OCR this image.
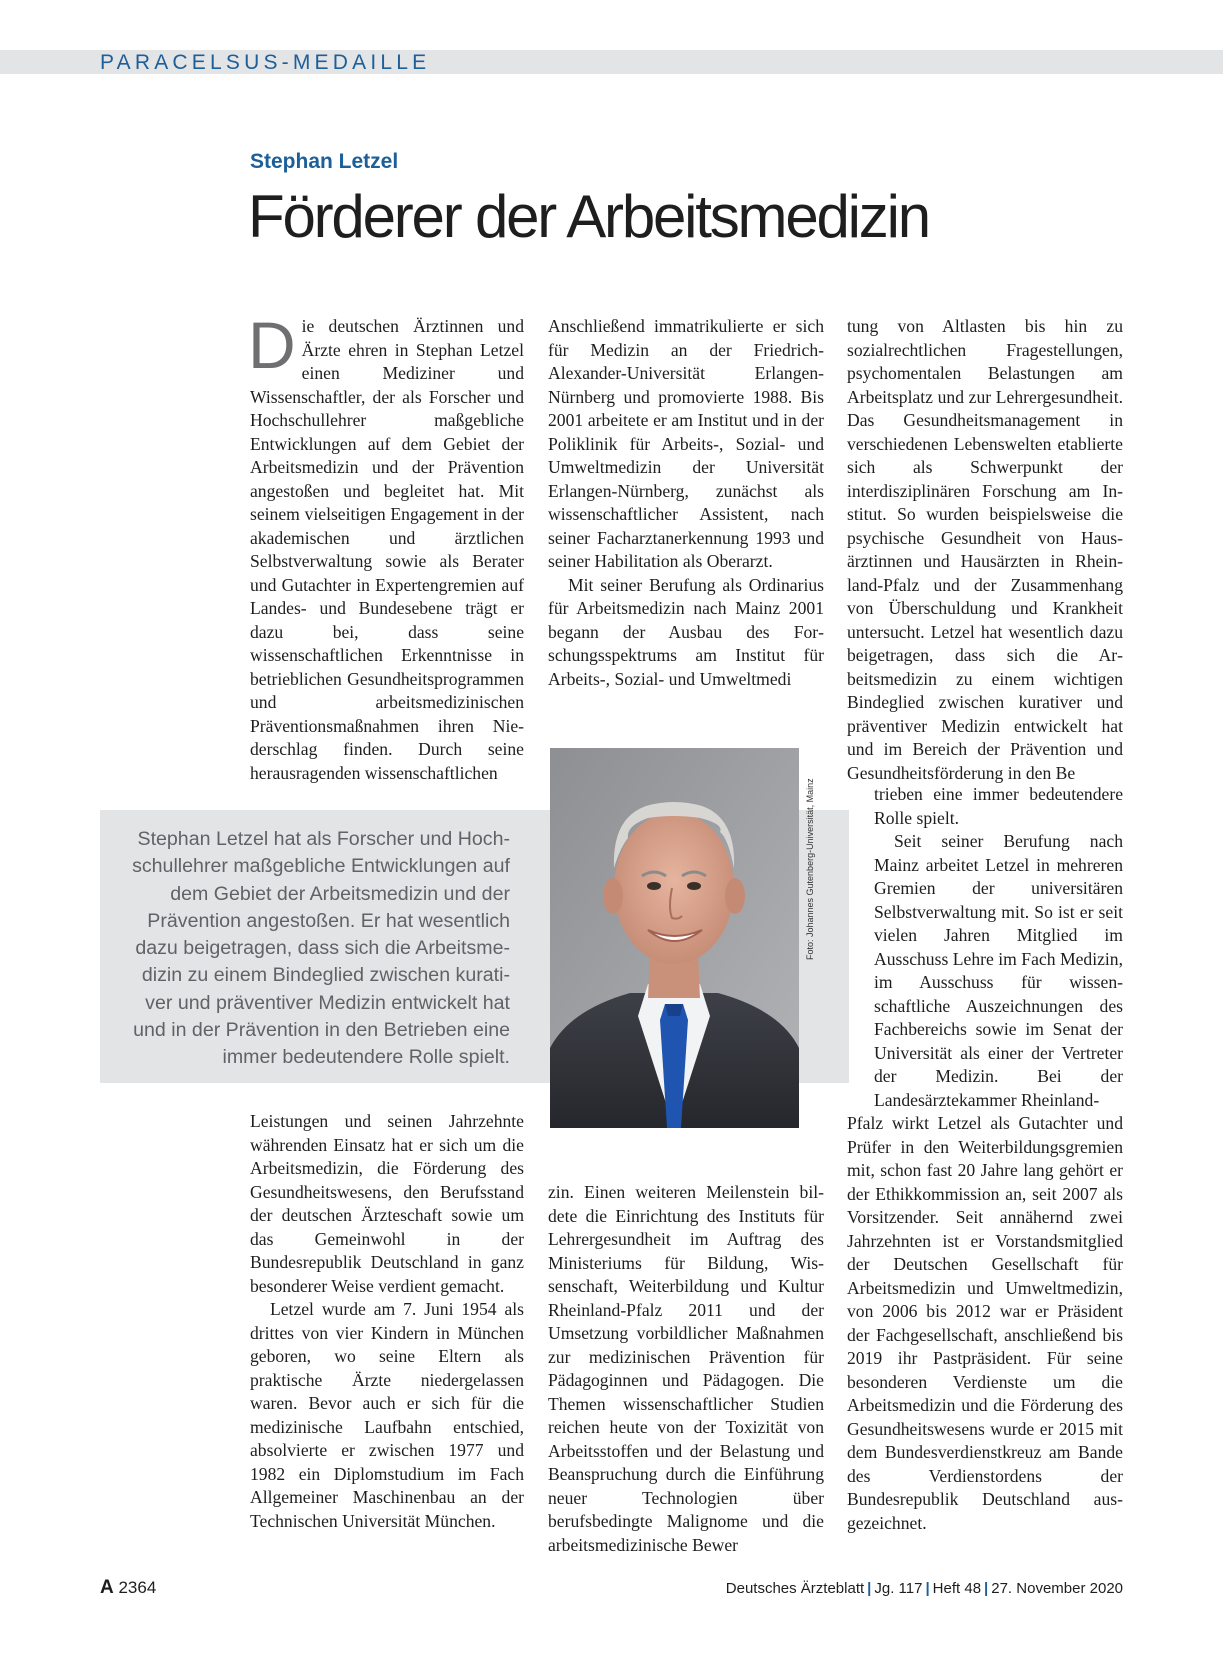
PARACELSUS-MEDAILLE
Stephan Letzel
Förderer der Arbeitsmedizin

Die deutschen Ärztinnen und Ärzte ehren in Stephan Letzel einen Mediziner und Wissenschaftler, der als Forscher und Hochschullehrer maßgebliche Entwicklungen auf dem Gebiet der Arbeitsmedizin und der Prävention angestoßen und begleitet hat. Mit seinem vielseitigen Engagement in der akademischen und ärztlichen Selbstverwaltung sowie als Berater und Gutachter in Expertengremien auf Landes- und Bundesebene trägt er dazu bei, dass seine wissenschaftlichen Erkenntnisse in betrieblichen Gesundheitsprogrammen und arbeitsmedizinischen Präventionsmaßnahmen ihren Niederschlag finden. Durch seine herausragenden wissenschaftlichen

Leistungen und seinen Jahrzehnte währenden Einsatz hat er sich um die Arbeitsmedizin, die Förderung des Gesundheitswesens, den Berufsstand der deutschen Ärzteschaft sowie um das Gemeinwohl in der Bundesrepublik Deutschland in ganz besonderer Weise verdient gemacht.

Letzel wurde am 7. Juni 1954 als drittes von vier Kindern in München geboren, wo seine Eltern als praktische Ärzte niedergelassen waren. Bevor auch er sich für die medizinische Laufbahn entschied, absolvierte er zwischen 1977 und 1982 ein Diplomstudium im Fach Allgemeiner Maschinenbau an der Technischen Universität München.

Anschließend immatrikulierte er sich für Medizin an der Friedrich-Alexander-Universität Erlangen-Nürnberg und promovierte 1988. Bis 2001 arbeitete er am Institut und in der Poliklinik für Arbeits-, Sozial- und Umweltmedizin der Universität Erlangen-Nürnberg, zunächst als wissenschaftlicher Assistent, nach seiner Facharztanerkennung 1993 und seiner Habilitation als Oberarzt.

Mit seiner Berufung als Ordinarius für Arbeitsmedizin nach Mainz 2001 begann der Ausbau des Forschungsspektrums am Institut für Arbeits-, Sozial- und Umweltmedi

zin. Einen weiteren Meilenstein bildete die Einrichtung des Instituts für Lehrergesundheit im Auftrag des Ministeriums für Bildung, Wissenschaft, Weiterbildung und Kultur Rheinland-Pfalz 2011 und der Umsetzung vorbildlicher Maßnahmen zur medizinischen Prävention für Pädagoginnen und Pädagogen. Die Themen wissenschaftlicher Studien reichen heute von der Toxizität von Arbeitsstoffen und der Belastung und Beanspruchung durch die Einführung neuer Technologien über berufsbedingte Malignome und die arbeitsmedizinische Bewer

tung von Altlasten bis hin zu sozialrechtlichen Fragestellungen, psychomentalen Belastungen am Arbeitsplatz und zur Lehrergesundheit. Das Gesundheitsmanagement in verschiedenen Lebenswelten etablierte sich als Schwerpunkt der interdisziplinären Forschung am Institut. So wurden beispielsweise die psychische Gesundheit von Hausärztinnen und Hausärzten in Rheinland-Pfalz und der Zusammenhang von Überschuldung und Krankheit untersucht. Letzel hat wesentlich dazu beigetragen, dass sich die Arbeitsmedizin zu einem wichtigen Bindeglied zwischen kurativer und präventiver Medizin entwickelt hat und im Bereich der Prävention und Gesundheitsförderung in den Be

trieben eine immer bedeutendere Rolle spielt.

Seit seiner Berufung nach Mainz arbeitet Letzel in mehreren Gremien der universitären Selbstverwaltung mit. So ist er seit vielen Jahren Mitglied im Ausschuss Lehre im Fach Medizin, im Ausschuss für wissenschaftliche Auszeichnungen des Fachbereichs sowie im Senat der Universität als einer der Vertreter der Medizin. Bei der Landesärztekammer Rheinland-

Pfalz wirkt Letzel als Gutachter und Prüfer in den Weiterbildungsgremien mit, schon fast 20 Jahre lang gehört er der Ethikkommission an, seit 2007 als Vorsitzender. Seit annähernd zwei Jahrzehnten ist er Vorstandsmitglied der Deutschen Gesellschaft für Arbeitsmedizin und Umweltmedizin, von 2006 bis 2012 war er Präsident der Fachgesellschaft, anschließend bis 2019 ihr Pastpräsident. Für seine besonderen Verdienste um die Arbeitsmedizin und die Förderung des Gesundheitswesens wurde er 2015 mit dem Bundesverdienstkreuz am Bande des Verdienstordens der Bundesrepublik Deutschland ausgezeichnet.

Stephan Letzel hat als Forscher und Hoch-
schullehrer maßgebliche Entwicklungen auf
dem Gebiet der Arbeitsmedizin und der
Prävention angestoßen. Er hat wesentlich
dazu beigetragen, dass sich die Arbeitsme-
dizin zu einem Bindeglied zwischen kurati-
ver und präventiver Medizin entwickelt hat
und in der Prävention in den Betrieben eine
immer bedeutendere Rolle spielt.
Foto: Johannes Gutenberg-Universität, Mainz
A 2364	Deutsches Ärzteblatt | Jg. 117 | Heft 48 | 27. November 2020
